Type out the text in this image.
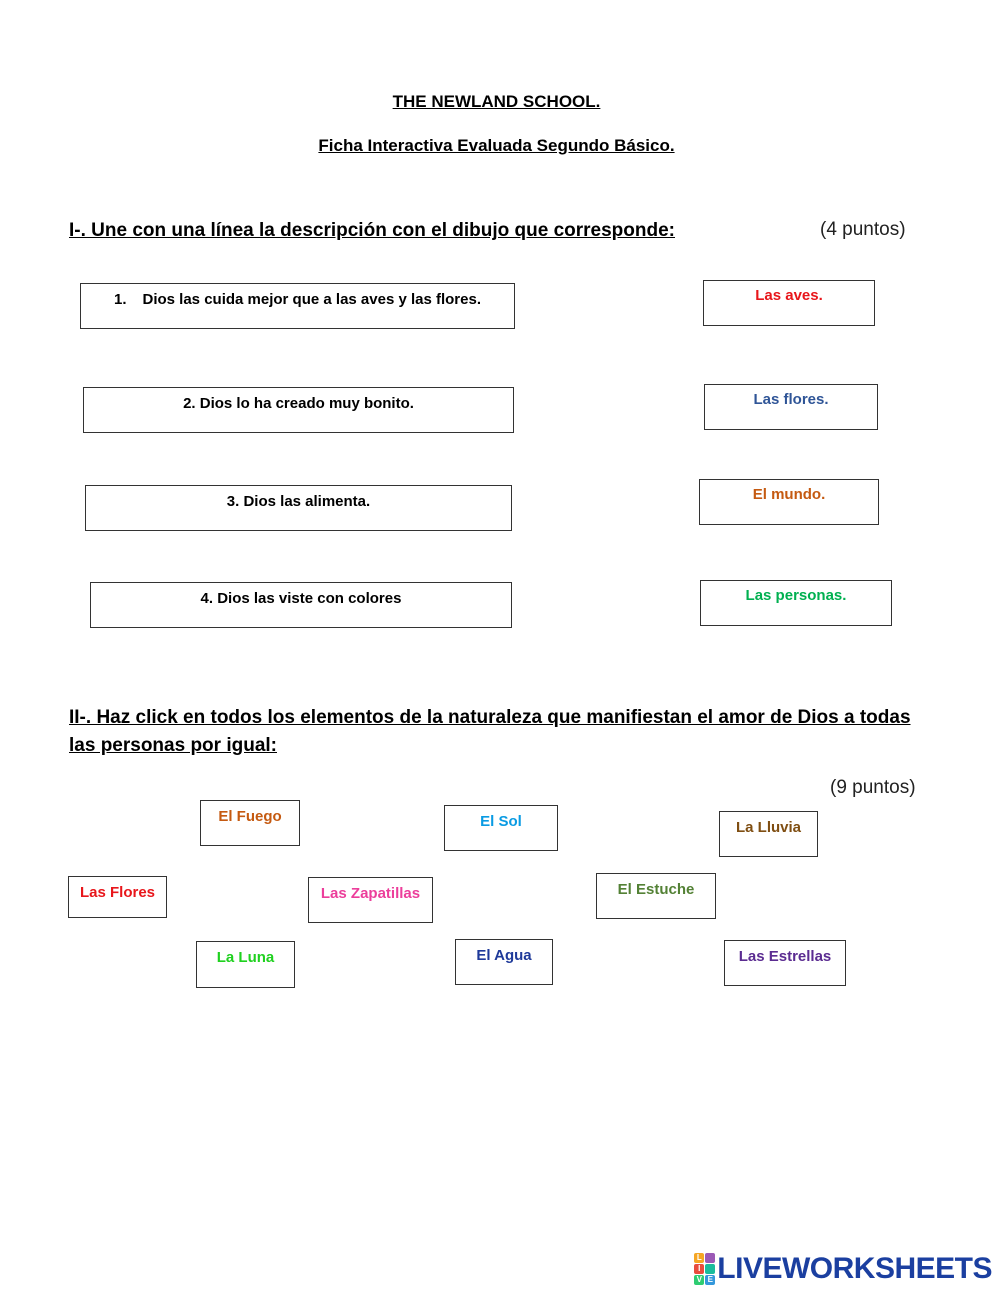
THE NEWLAND SCHOOL.
Ficha Interactiva Evaluada Segundo Básico.
I-. Une con una línea la descripción con el dibujo que corresponde:	(4 puntos)
1. Dios las cuida mejor que a las aves y las flores.
2. Dios lo ha creado muy bonito.
3. Dios las alimenta.
4. Dios las viste con colores
Las aves.
Las flores.
El mundo.
Las personas.
II-. Haz click en todos los elementos de la naturaleza que manifiestan el amor de Dios a todas las personas por igual:
(9 puntos)
El Fuego	El Sol	La Lluvia
Las Flores	Las Zapatillas	El Estuche
La Luna	El Agua	Las Estrellas
L
I
V E LIVEWORKSHEETS
